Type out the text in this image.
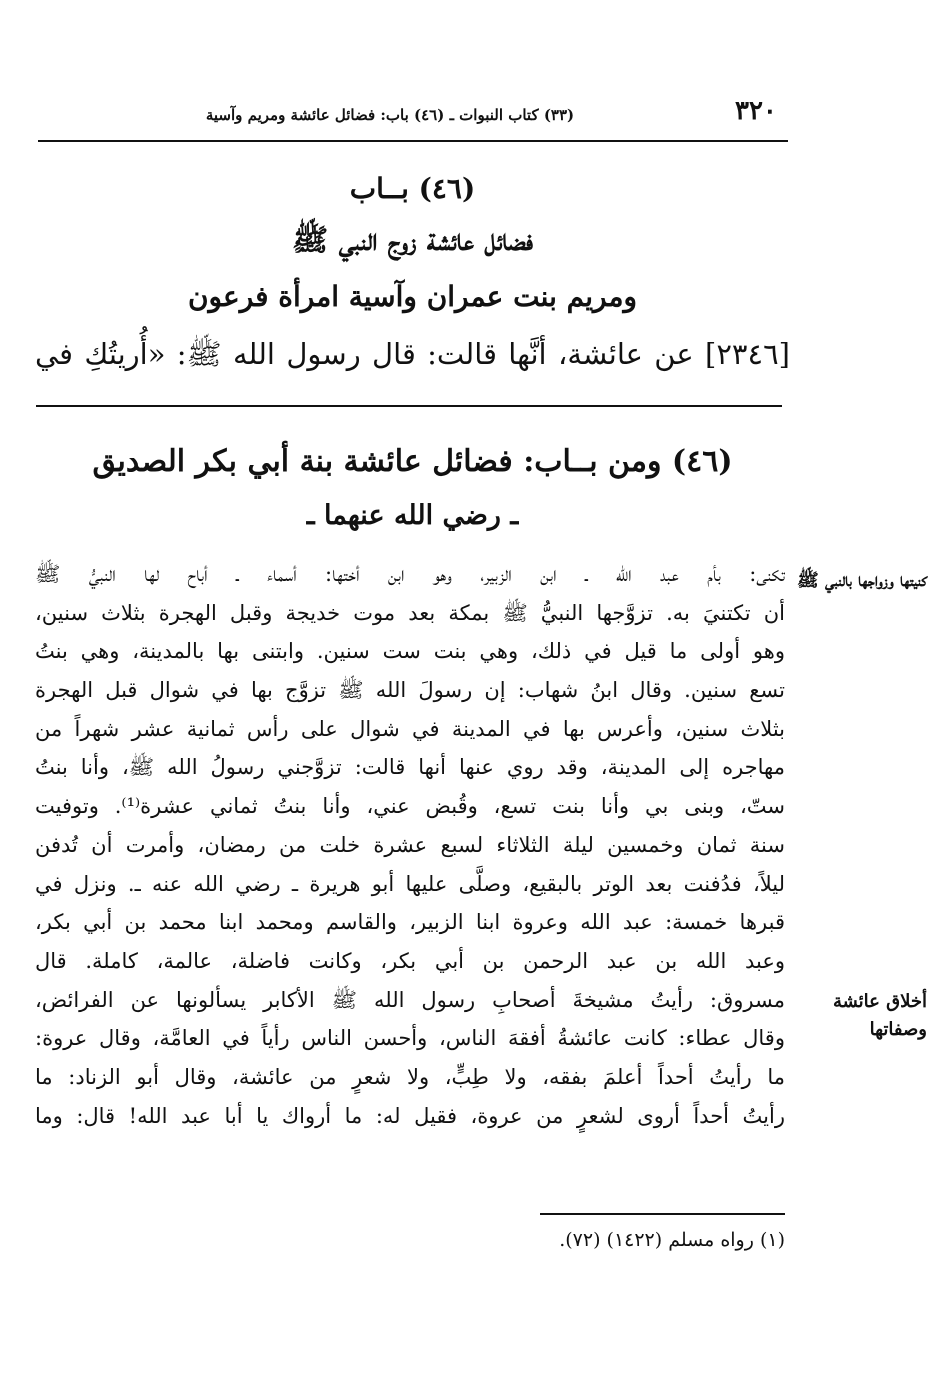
٣٢٠
(٣٣) كتاب النبوات ـ (٤٦) باب: فضائل عائشة ومريم وآسية
(٤٦) بــاب
فضائل عائشة زوج النبي ﷺ
ومريم بنت عمران وآسية امرأة فرعون
[٢٣٤٦] عن عائشة، أنَّها قالت: قال رسول الله ﷺ: «أُريتُكِ في
(٤٦) ومن بــاب: فضائل عائشة بنة أبي بكر الصديق
ـ رضي الله عنهما ـ
كنيتها وزواجها بالنبي ﷺ
أخلاق عائشة وصفاتها
تكنى: بأم عبد الله ـ ابن الزبير، وهو ابن أختها: أسماء ـ أباح لها النبيُّ ﷺ
أن تكتنيَ به. تزوَّجها النبيُّ ﷺ بمكة بعد موت خديجة وقبل الهجرة بثلاث سنين،
وهو أولى ما قيل في ذلك، وهي بنت ست سنين. وابتنى بها بالمدينة، وهي بنتُ
تسع سنين. وقال ابنُ شهاب: إن رسولَ الله ﷺ تزوَّج بها في شوال قبل الهجرة
بثلاث سنين، وأعرس بها في المدينة في شوال على رأس ثمانية عشر شهراً من
مهاجره إلى المدينة، وقد روي عنها أنها قالت: تزوَّجني رسولُ الله ﷺ، وأنا بنتُ
ستّ، وبنى بي وأنا بنت تسع، وقُبض عني، وأنا بنتُ ثماني عشرة⁽¹⁾. وتوفيت
سنة ثمان وخمسين ليلة الثلاثاء لسبع عشرة خلت من رمضان، وأمرت أن تُدفن
ليلاً، فدُفنت بعد الوتر بالبقيع، وصلَّى عليها أبو هريرة ـ رضي الله عنه ـ. ونزل في
قبرها خمسة: عبد الله وعروة ابنا الزبير، والقاسم ومحمد ابنا محمد بن أبي بكر،
وعبد الله بن عبد الرحمن بن أبي بكر، وكانت فاضلة، عالمة، كاملة. قال
مسروق: رأيتُ مشيخةَ أصحابِ رسول الله ﷺ الأكابر يسألونها عن الفرائض،
وقال عطاء: كانت عائشةُ أفقهَ الناس، وأحسن الناس رأياً في العامَّة، وقال عروة:
ما رأيتُ أحداً أعلمَ بفقه، ولا طِبٍّ، ولا شعرٍ من عائشة، وقال أبو الزناد: ما
رأيتُ أحداً أروى لشعرٍ من عروة، فقيل له: ما أرواك يا أبا عبد الله! قال: وما
(١) رواه مسلم (١٤٢٢) (٧٢).
